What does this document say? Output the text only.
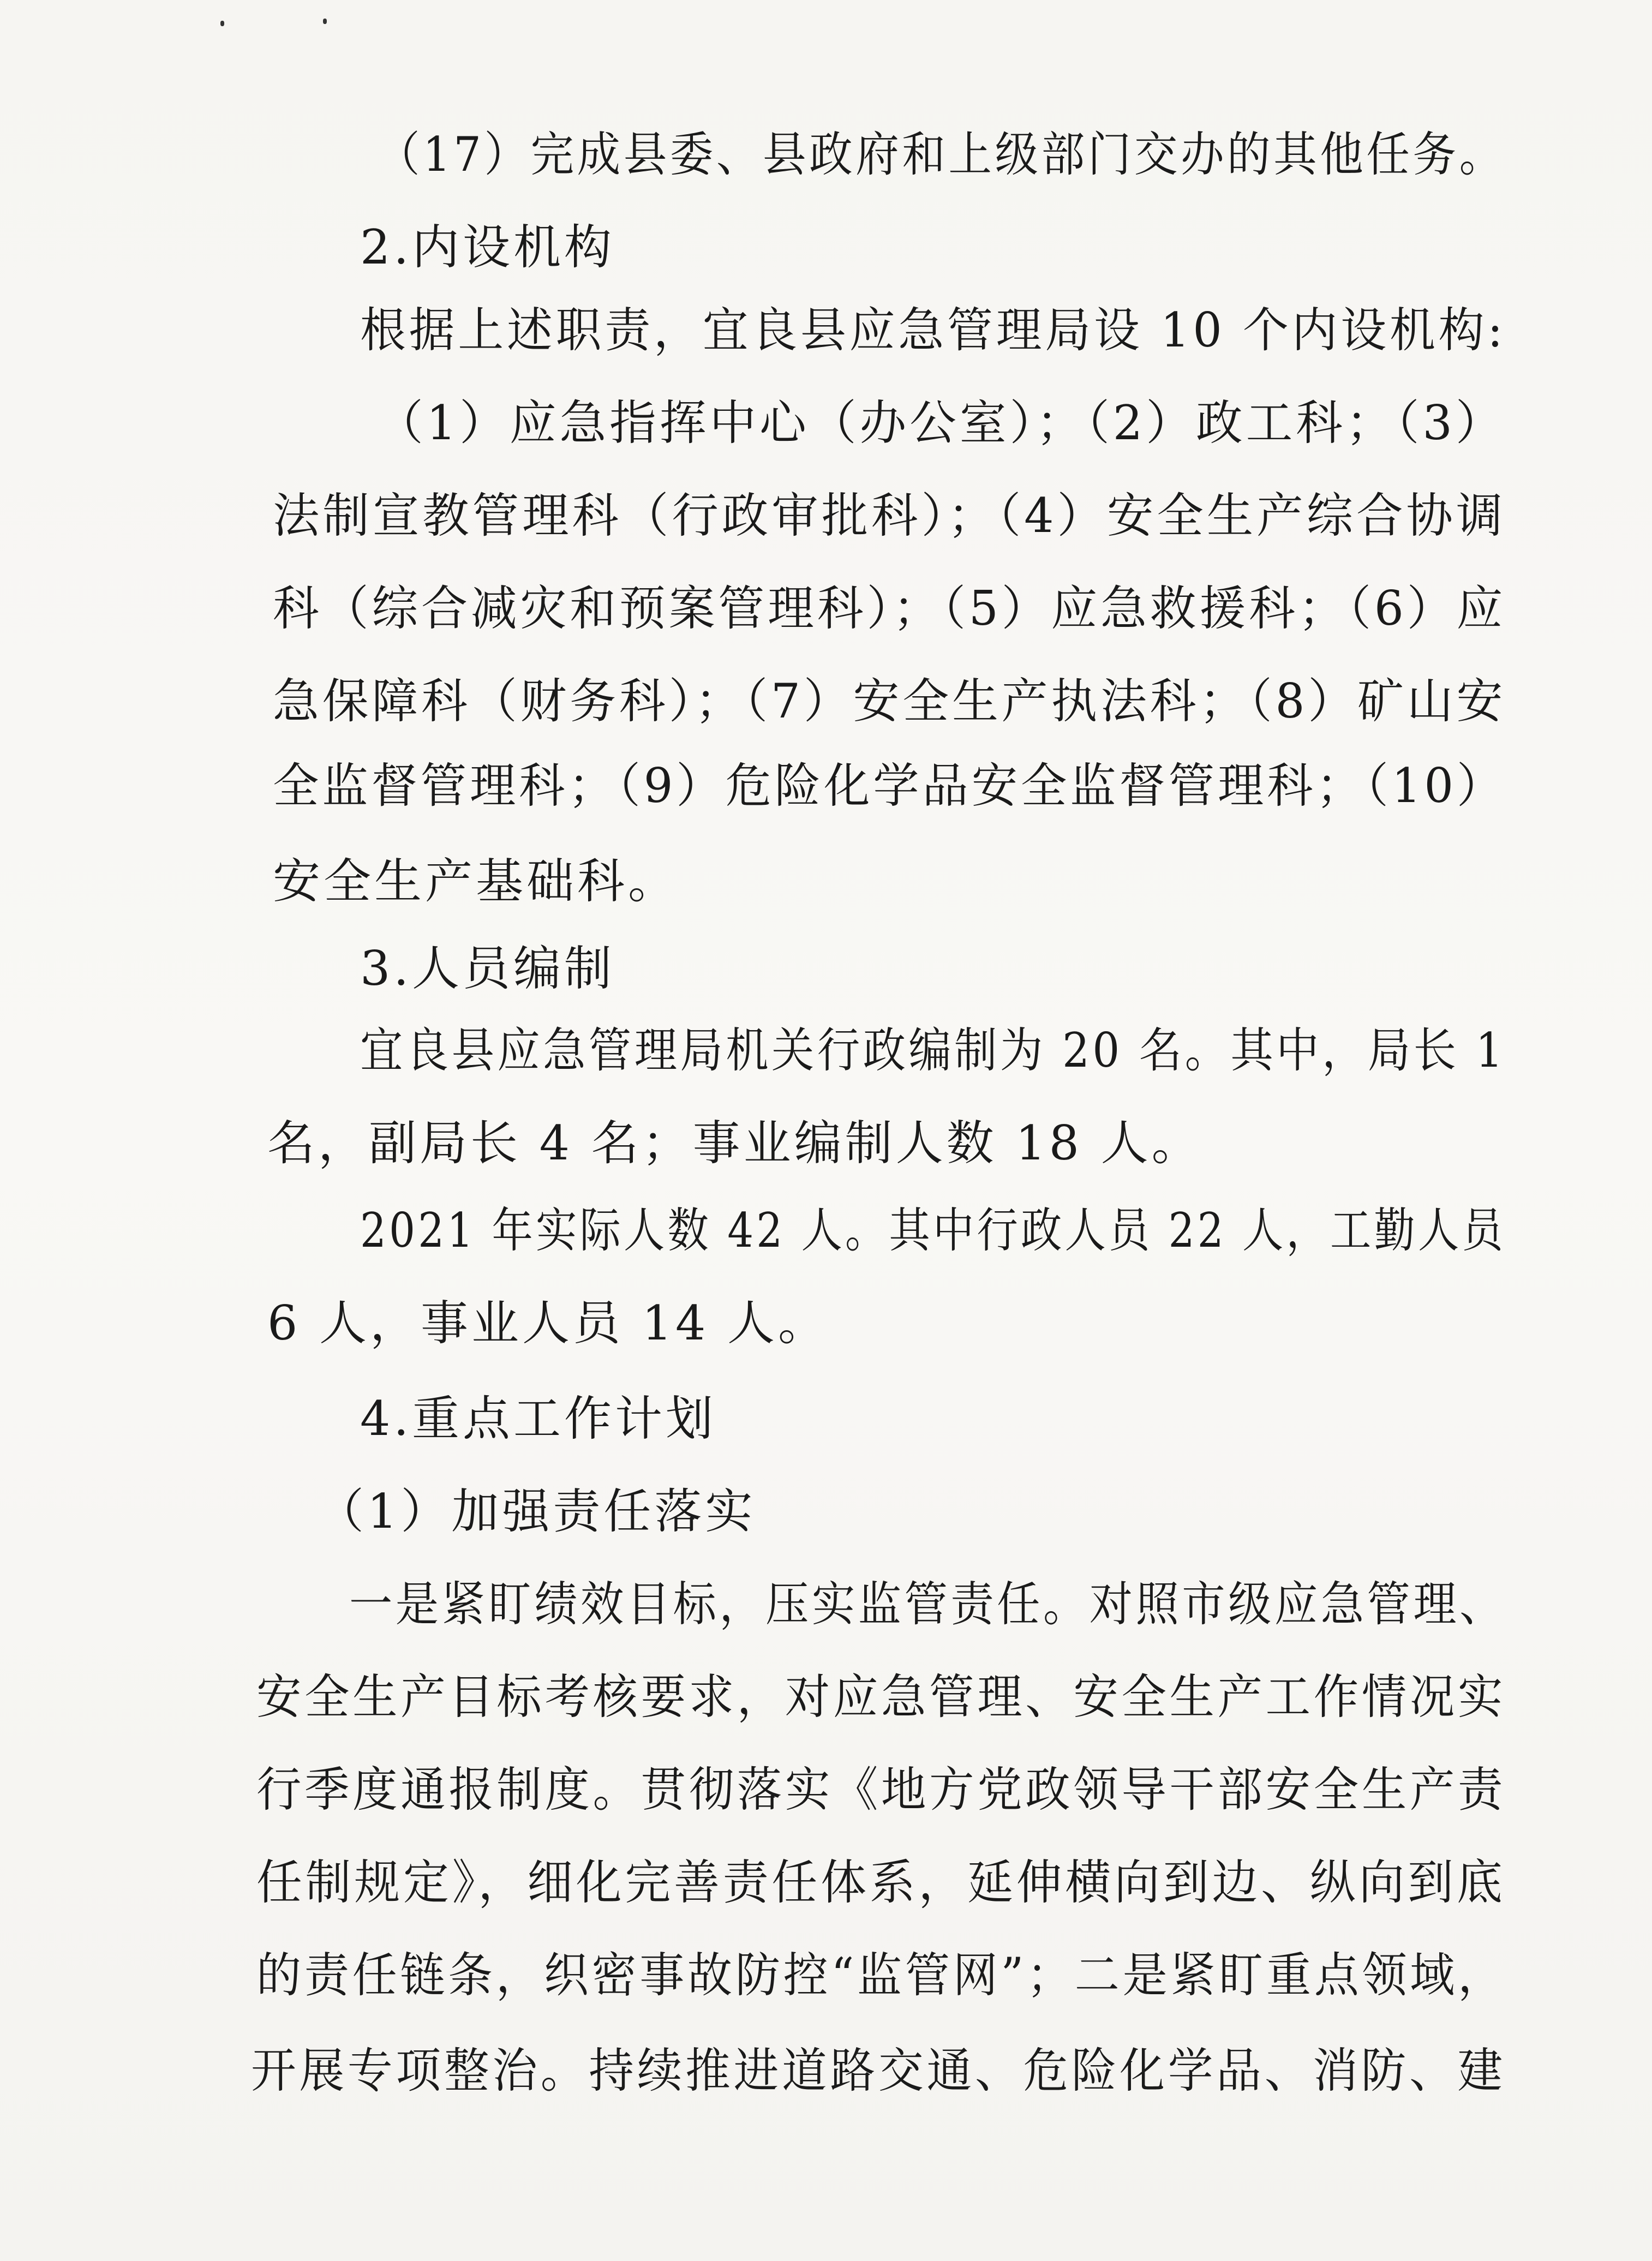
（17）完成县委、县政府和上级部门交办的其他任务。
2.内设机构
根据上述职责，宜良县应急管理局设 10 个内设机构:
（1）应急指挥中心（办公室）；（2）政工科；（3）
法制宣教管理科（行政审批科）；（4）安全生产综合协调
科（综合减灾和预案管理科）；（5）应急救援科；（6）应
急保障科（财务科）；（7）安全生产执法科；（8）矿山安
全监督管理科；（9）危险化学品安全监督管理科；（10）
安全生产基础科。
3.人员编制
宜良县应急管理局机关行政编制为 20 名。其中，局长 1
名，副局长 4 名；事业编制人数 18 人。
2021 年实际人数 42 人。其中行政人员 22 人，工勤人员
6 人，事业人员 14 人。
4.重点工作计划
（1）加强责任落实
一是紧盯绩效目标，压实监管责任。对照市级应急管理、
安全生产目标考核要求，对应急管理、安全生产工作情况实
行季度通报制度。贯彻落实《地方党政领导干部安全生产责
任制规定》，细化完善责任体系，延伸横向到边、纵向到底
的责任链条，织密事故防控“监管网”；二是紧盯重点领域，
开展专项整治。持续推进道路交通、危险化学品、消防、建
